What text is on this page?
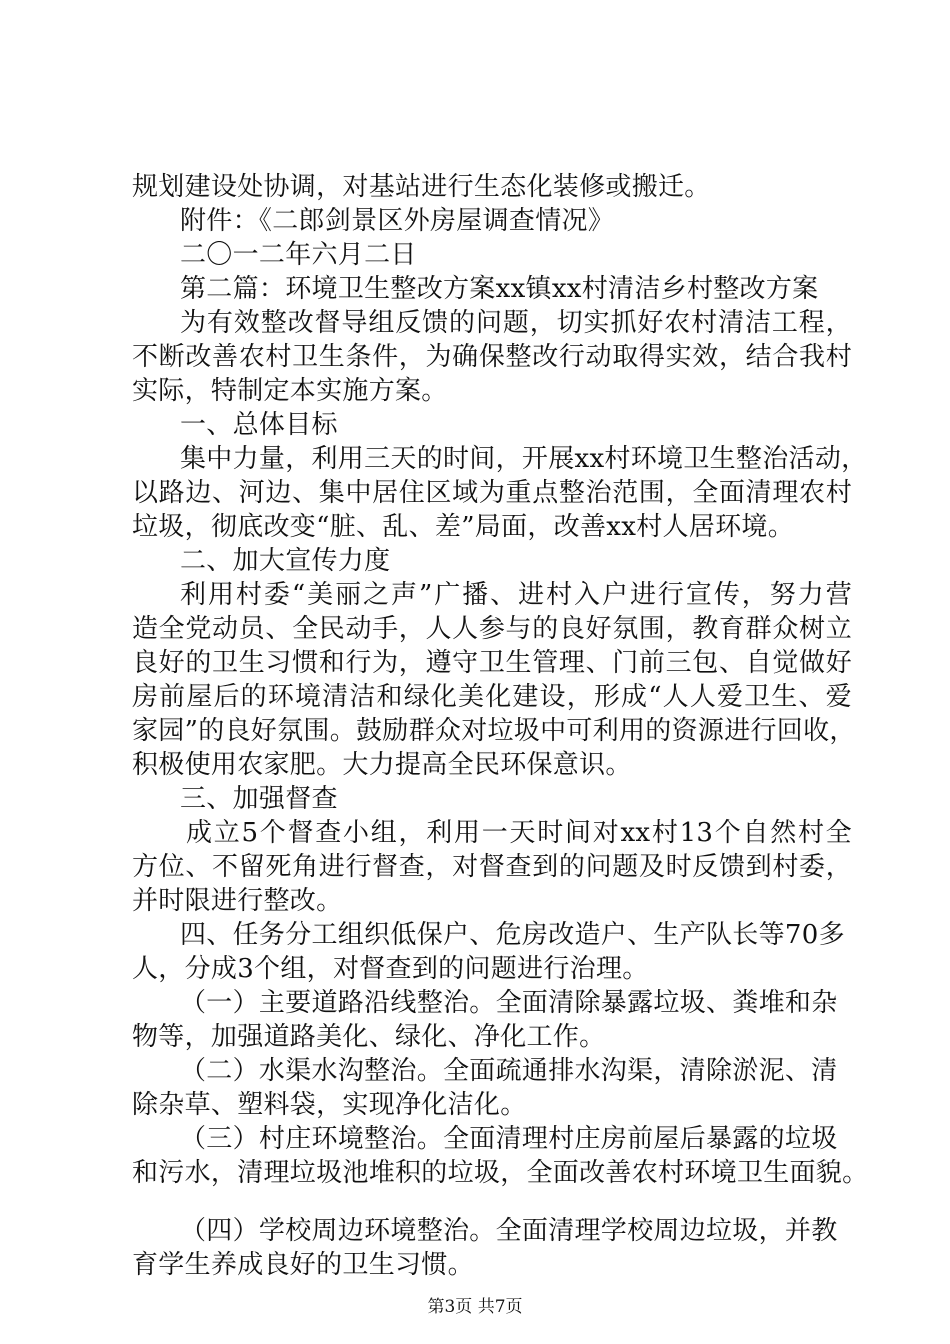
规划建设处协调，对基站进行生态化装修或搬迁。
附件：《二郎剑景区外房屋调查情况》
二〇一二年六月二日
第二篇：环境卫生整改方案xx镇xx村清洁乡村整改方案
为有效整改督导组反馈的问题，切实抓好农村清洁工程，
不断改善农村卫生条件，为确保整改行动取得实效，结合我村
实际，特制定本实施方案。
一、总体目标
集中力量，利用三天的时间，开展xx村环境卫生整治活动，
以路边、河边、集中居住区域为重点整治范围，全面清理农村
垃圾，彻底改变“脏、乱、差”局面，改善xx村人居环境。
二、加大宣传力度
利用村委“美丽之声”广播、进村入户进行宣传，努力营
造全党动员、全民动手，人人参与的良好氛围，教育群众树立
良好的卫生习惯和行为，遵守卫生管理、门前三包、自觉做好
房前屋后的环境清洁和绿化美化建设，形成“人人爱卫生、爱
家园”的良好氛围。鼓励群众对垃圾中可利用的资源进行回收，
积极使用农家肥。大力提高全民环保意识。
三、加强督查
成立5个督查小组，利用一天时间对xx村13个自然村全
方位、不留死角进行督查，对督查到的问题及时反馈到村委，
并时限进行整改。
四、任务分工组织低保户、危房改造户、生产队长等70多
人，分成3个组，对督查到的问题进行治理。
（一）主要道路沿线整治。全面清除暴露垃圾、粪堆和杂
物等，加强道路美化、绿化、净化工作。
（二）水渠水沟整治。全面疏通排水沟渠，清除淤泥、清
除杂草、塑料袋，实现净化洁化。
（三）村庄环境整治。全面清理村庄房前屋后暴露的垃圾
和污水，清理垃圾池堆积的垃圾，全面改善农村环境卫生面貌。
（四）学校周边环境整治。全面清理学校周边垃圾，并教
育学生养成良好的卫生习惯。
第3页 共7页
